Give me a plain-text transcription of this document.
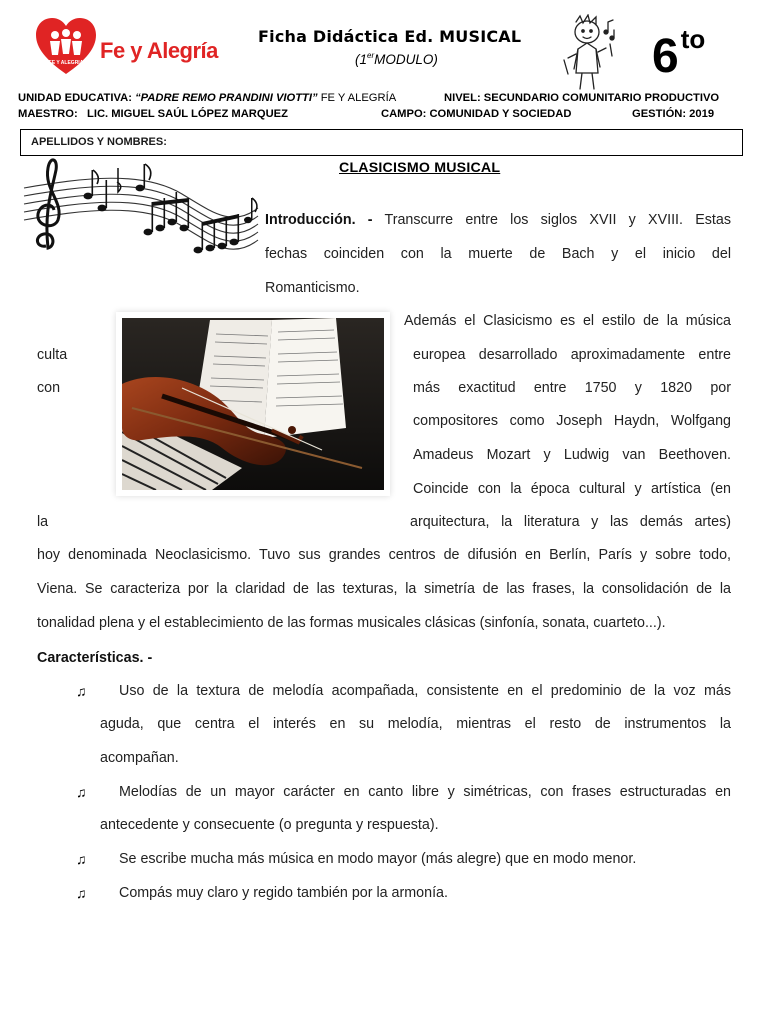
FE Y ALEGRIA Fe y Alegría
Ficha Didáctica Ed. MUSICAL
(1erMODULO)	$6^{to}$
UNIDAD EDUCATIVA: “PADRE REMO PRANDINI VIOTTI” FE Y ALEGRÍA	NIVEL: SECUNDARIO COMUNITARIO PRODUCTIVO
MAESTRO: LIC. MIGUEL SAÚL LÓPEZ MARQUEZ	CAMPO: COMUNIDAD Y SOCIEDAD	GESTIÓN: 2019
APELLIDOS Y NOMBRES:
CLASICISMO MUSICAL
Introducción. - Transcurre entre los siglos XVII y XVIII. Estas
fechas coinciden con la muerte de Bach y el inicio del
Romanticismo.
Además el Clasicismo es el estilo de la música
culta	europea desarrollado aproximadamente entre
con	más exactitud entre 1750 y 1820 por
compositores como Joseph Haydn, Wolfgang
Amadeus Mozart y Ludwig van Beethoven.
Coincide con la época cultural y artística (en
la	arquitectura, la literatura y las demás artes)
hoy denominada Neoclasicismo. Tuvo sus grandes centros de difusión en Berlín, París y sobre todo,
Viena. Se caracteriza por la claridad de las texturas, la simetría de las frases, la consolidación de la
tonalidad plena y el establecimiento de las formas musicales clásicas (sinfonía, sonata, cuarteto...).
Características. -
♫ Uso de la textura de melodía acompañada, consistente en el predominio de la voz más
aguda, que centra el interés en su melodía, mientras el resto de instrumentos la
acompañan.
♫ Melodías de un mayor carácter en canto libre y simétricas, con frases estructuradas en
antecedente y consecuente (o pregunta y respuesta).
♫ Se escribe mucha más música en modo mayor (más alegre) que en modo menor.
♫ Compás muy claro y regido también por la armonía.
